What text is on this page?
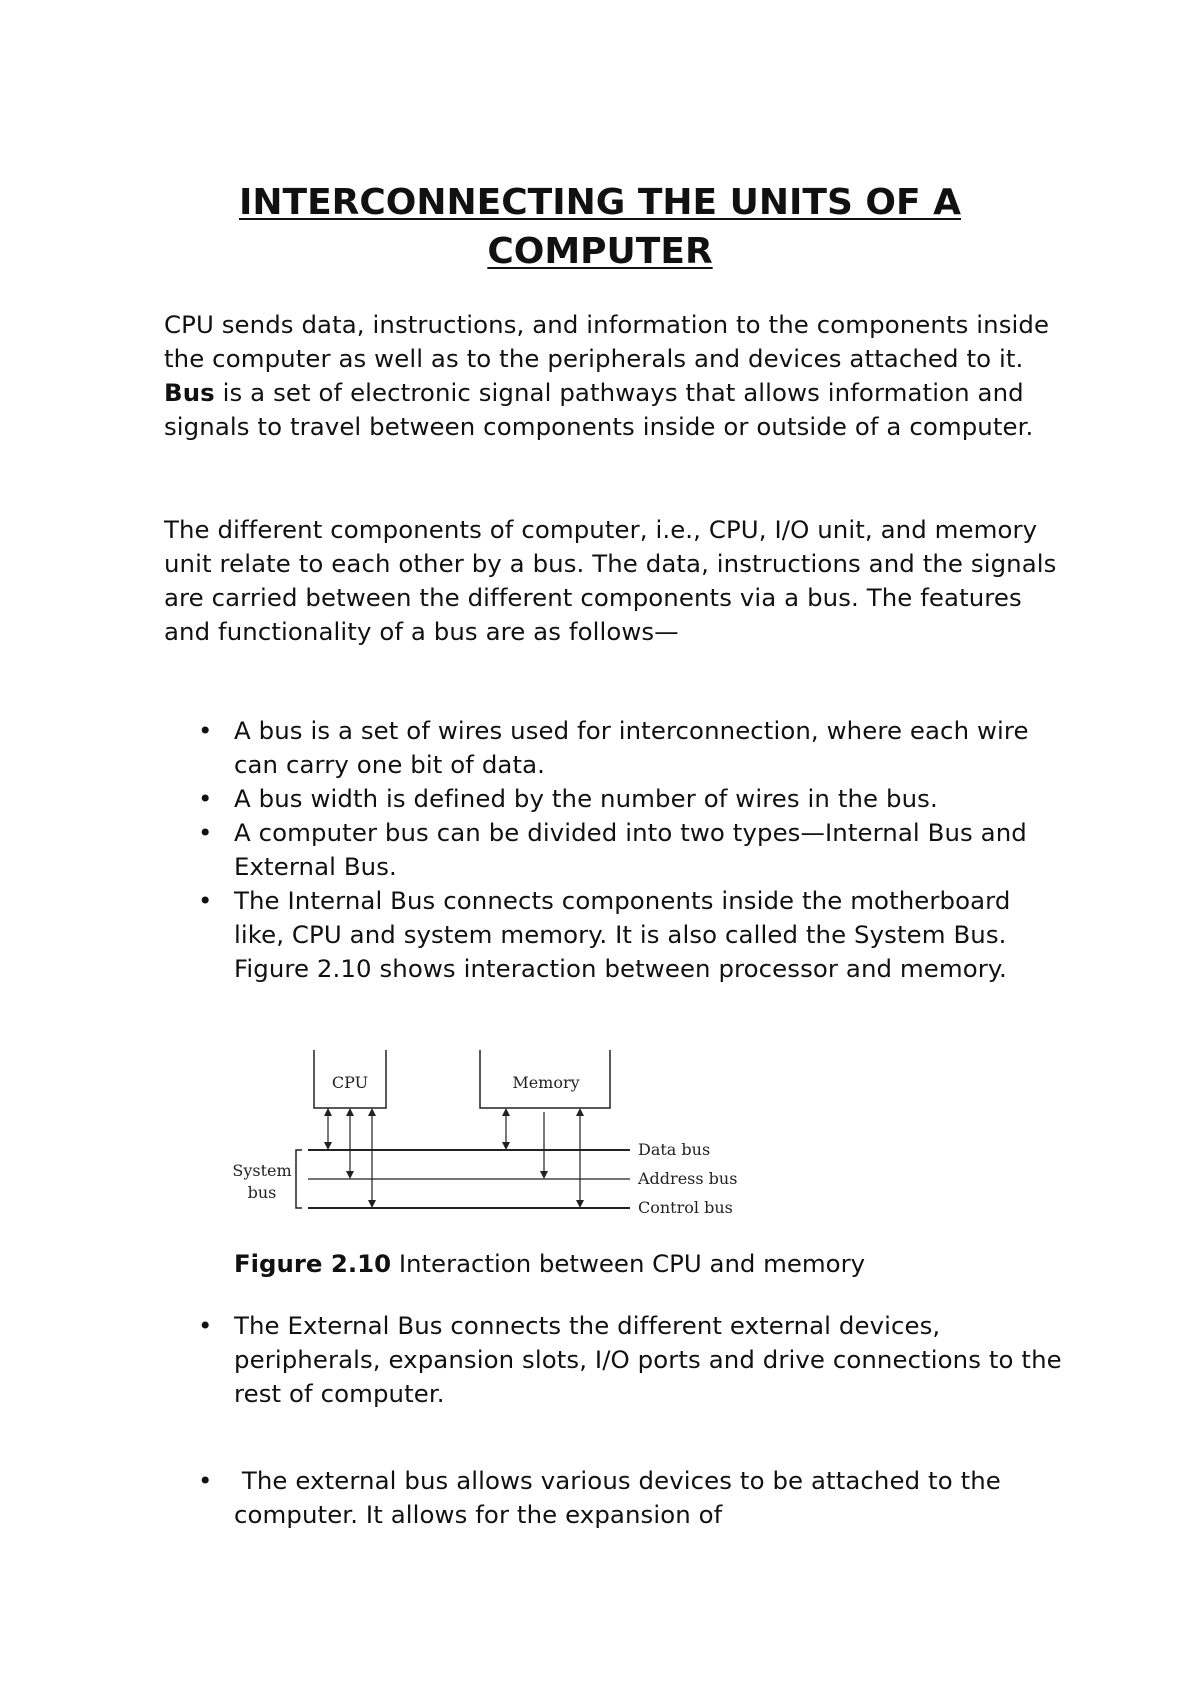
INTERCONNECTING THE UNITS OF A
COMPUTER

CPU sends data, instructions, and information to the components inside the computer as well as to the peripherals and devices attached to it. Bus is a set of electronic signal pathways that allows information and signals to travel between components inside or outside of a computer.

The different components of computer, i.e., CPU, I/O unit, and memory unit relate to each other by a bus. The data, instructions and the signals are carried between the different components via a bus. The features and functionality of a bus are as follows—

• A bus is a set of wires used for interconnection, where each wire can carry one bit of data.
• A bus width is defined by the number of wires in the bus.
• A computer bus can be divided into two types—Internal Bus and External Bus.
• The Internal Bus connects components inside the motherboard like, CPU and system memory. It is also called the System Bus. Figure 2.10 shows interaction between processor and memory.
CPU	Memory
System
bus
Data bus
Address bus
Control bus

Figure 2.10 Interaction between CPU and memory

• The External Bus connects the different external devices, peripherals, expansion slots, I/O ports and drive connections to the rest of computer.
• The external bus allows various devices to be attached to the computer. It allows for the expansion of
